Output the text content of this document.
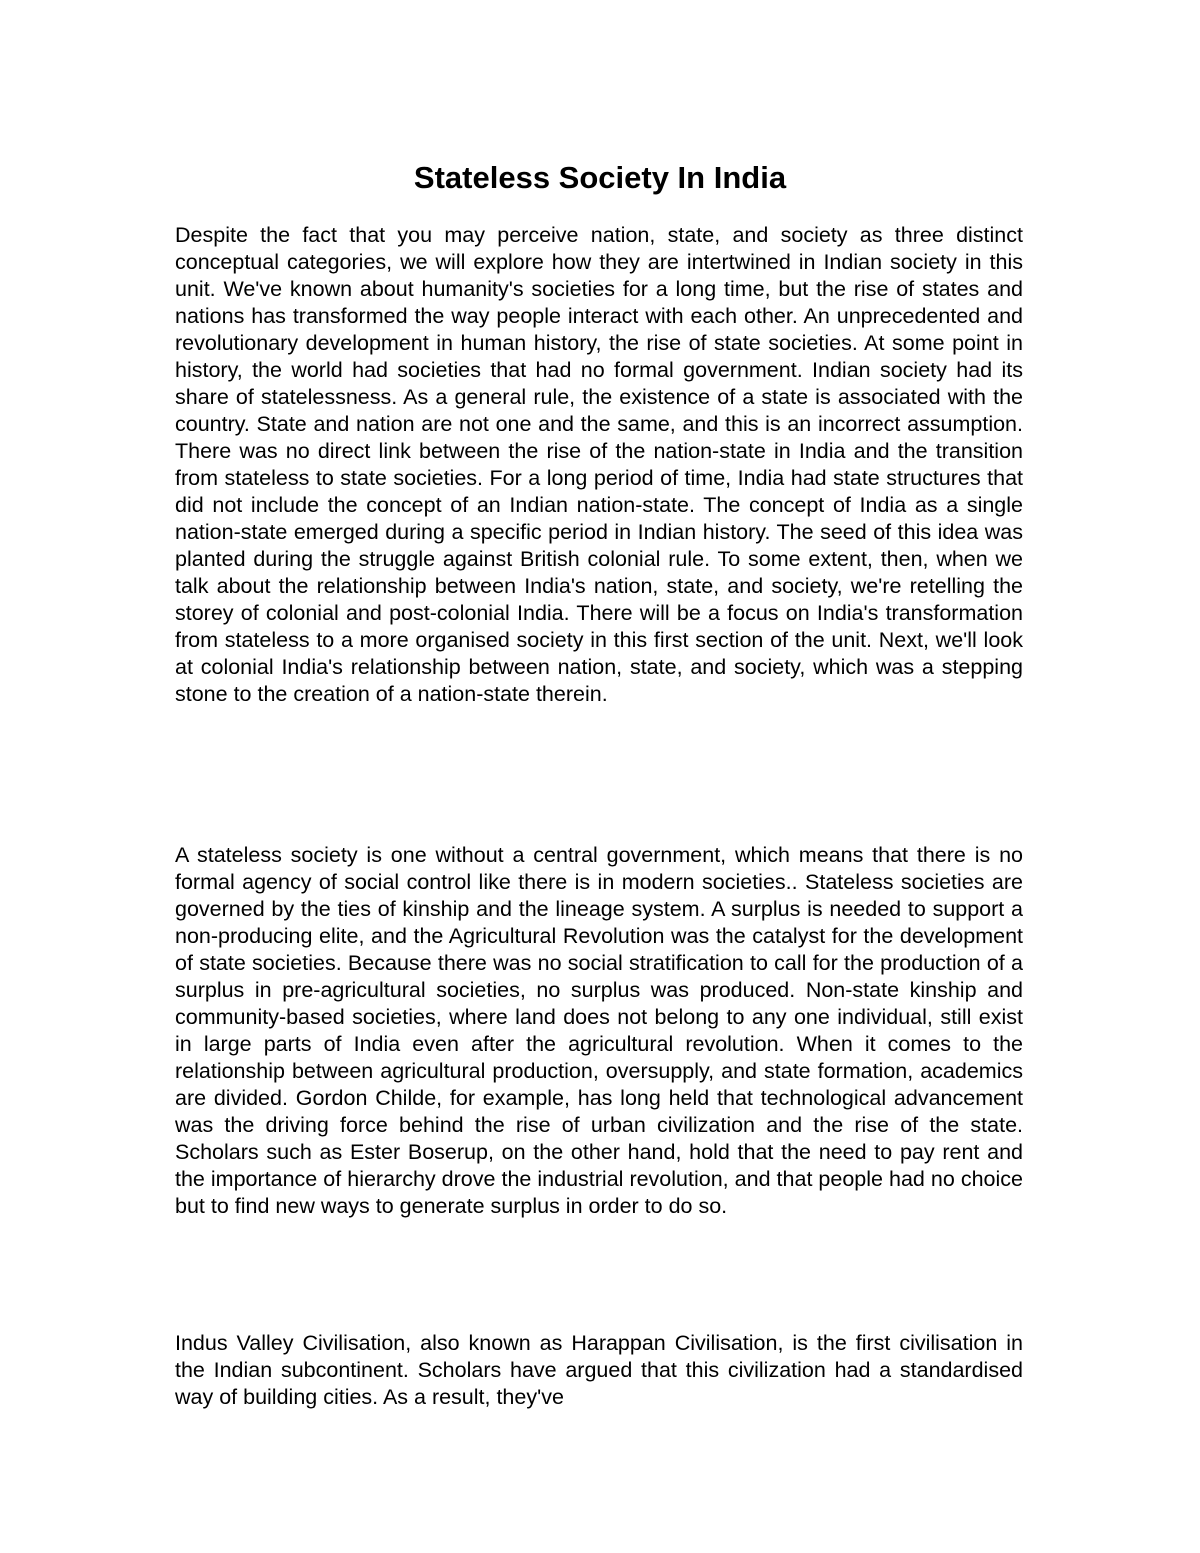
Stateless Society In India

Despite the fact that you may perceive nation, state, and society as three distinct conceptual categories, we will explore how they are intertwined in Indian society in this unit. We've known about humanity's societies for a long time, but the rise of states and nations has transformed the way people interact with each other. An unprecedented and revolutionary development in human history, the rise of state societies. At some point in history, the world had societies that had no formal government. Indian society had its share of statelessness. As a general rule, the existence of a state is associated with the country. State and nation are not one and the same, and this is an incorrect assumption. There was no direct link between the rise of the nation-state in India and the transition from stateless to state societies. For a long period of time, India had state structures that did not include the concept of an Indian nation-state. The concept of India as a single nation-state emerged during a specific period in Indian history. The seed of this idea was planted during the struggle against British colonial rule. To some extent, then, when we talk about the relationship between India's nation, state, and society, we're retelling the storey of colonial and post-colonial India. There will be a focus on India's transformation from stateless to a more organised society in this first section of the unit. Next, we'll look at colonial India's relationship between nation, state, and society, which was a stepping stone to the creation of a nation-state therein.

A stateless society is one without a central government, which means that there is no formal agency of social control like there is in modern societies.. Stateless societies are governed by the ties of kinship and the lineage system. A surplus is needed to support a non-producing elite, and the Agricultural Revolution was the catalyst for the development of state societies. Because there was no social stratification to call for the production of a surplus in pre-agricultural societies, no surplus was produced. Non-state kinship and community-based societies, where land does not belong to any one individual, still exist in large parts of India even after the agricultural revolution. When it comes to the relationship between agricultural production, oversupply, and state formation, academics are divided. Gordon Childe, for example, has long held that technological advancement was the driving force behind the rise of urban civilization and the rise of the state. Scholars such as Ester Boserup, on the other hand, hold that the need to pay rent and the importance of hierarchy drove the industrial revolution, and that people had no choice but to find new ways to generate surplus in order to do so.

Indus Valley Civilisation, also known as Harappan Civilisation, is the first civilisation in the Indian subcontinent. Scholars have argued that this civilization had a standardised way of building cities. As a result, they've
